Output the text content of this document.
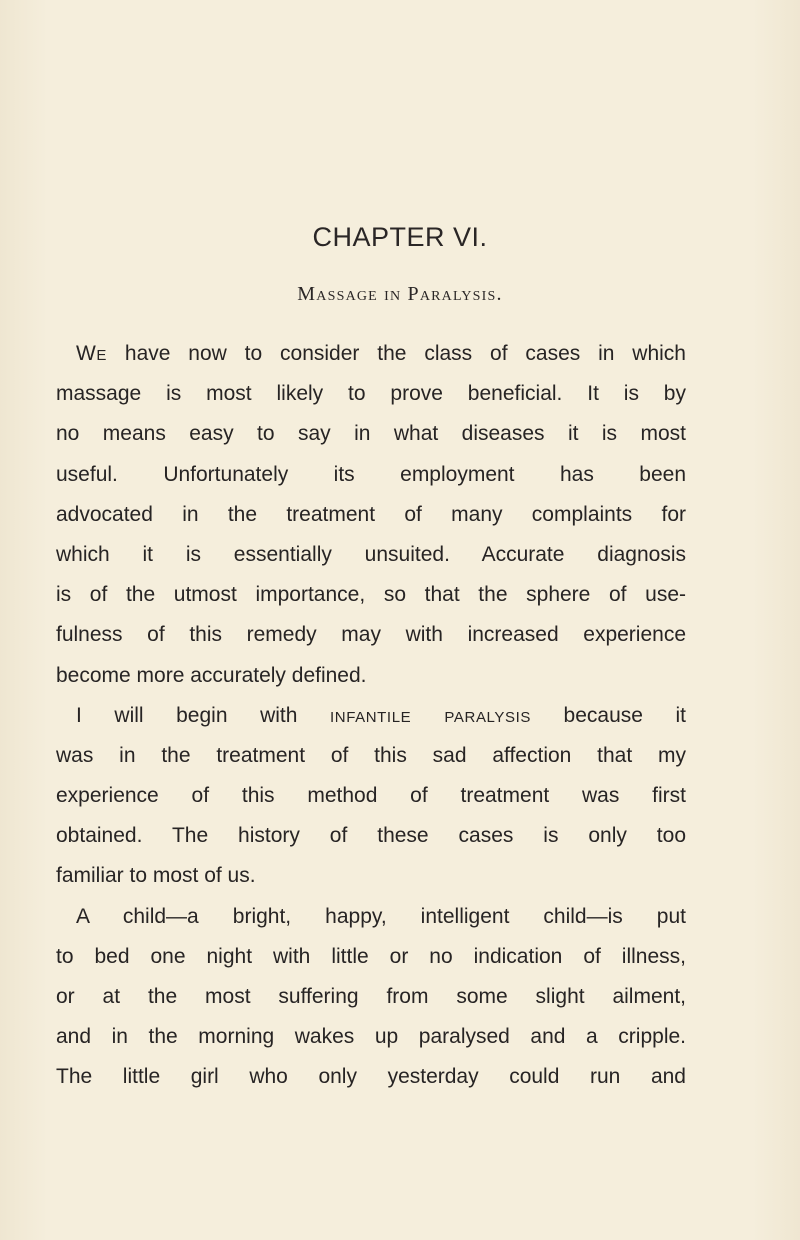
CHAPTER VI.
Massage in Paralysis.
We have now to consider the class of cases in which
massage is most likely to prove beneficial. It is by
no means easy to say in what diseases it is most
useful. Unfortunately its employment has been
advocated in the treatment of many complaints for
which it is essentially unsuited. Accurate diagnosis
is of the utmost importance, so that the sphere of use-
fulness of this remedy may with increased experience
become more accurately defined.
I will begin with infantile paralysis because it
was in the treatment of this sad affection that my
experience of this method of treatment was first
obtained. The history of these cases is only too
familiar to most of us.
A child—a bright, happy, intelligent child—is put
to bed one night with little or no indication of illness,
or at the most suffering from some slight ailment,
and in the morning wakes up paralysed and a cripple.
The little girl who only yesterday could run and
